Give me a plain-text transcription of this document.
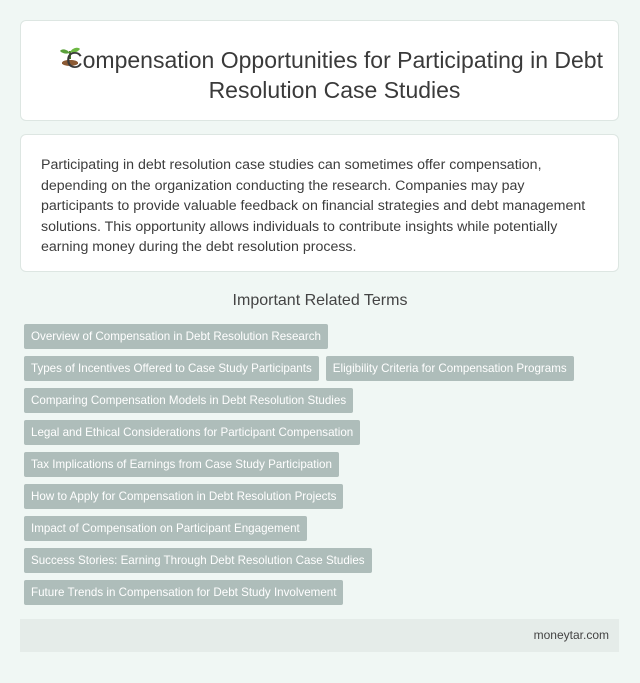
Compensation Opportunities for Participating in Debt Resolution Case Studies

Participating in debt resolution case studies can sometimes offer compensation, depending on the organization conducting the research. Companies may pay participants to provide valuable feedback on financial strategies and debt management solutions. This opportunity allows individuals to contribute insights while potentially earning money during the debt resolution process.

Important Related Terms
Overview of Compensation in Debt Resolution Research
Types of Incentives Offered to Case Study Participants	Eligibility Criteria for Compensation Programs
Comparing Compensation Models in Debt Resolution Studies
Legal and Ethical Considerations for Participant Compensation
Tax Implications of Earnings from Case Study Participation
How to Apply for Compensation in Debt Resolution Projects
Impact of Compensation on Participant Engagement
Success Stories: Earning Through Debt Resolution Case Studies
Future Trends in Compensation for Debt Study Involvement
moneytar.com
